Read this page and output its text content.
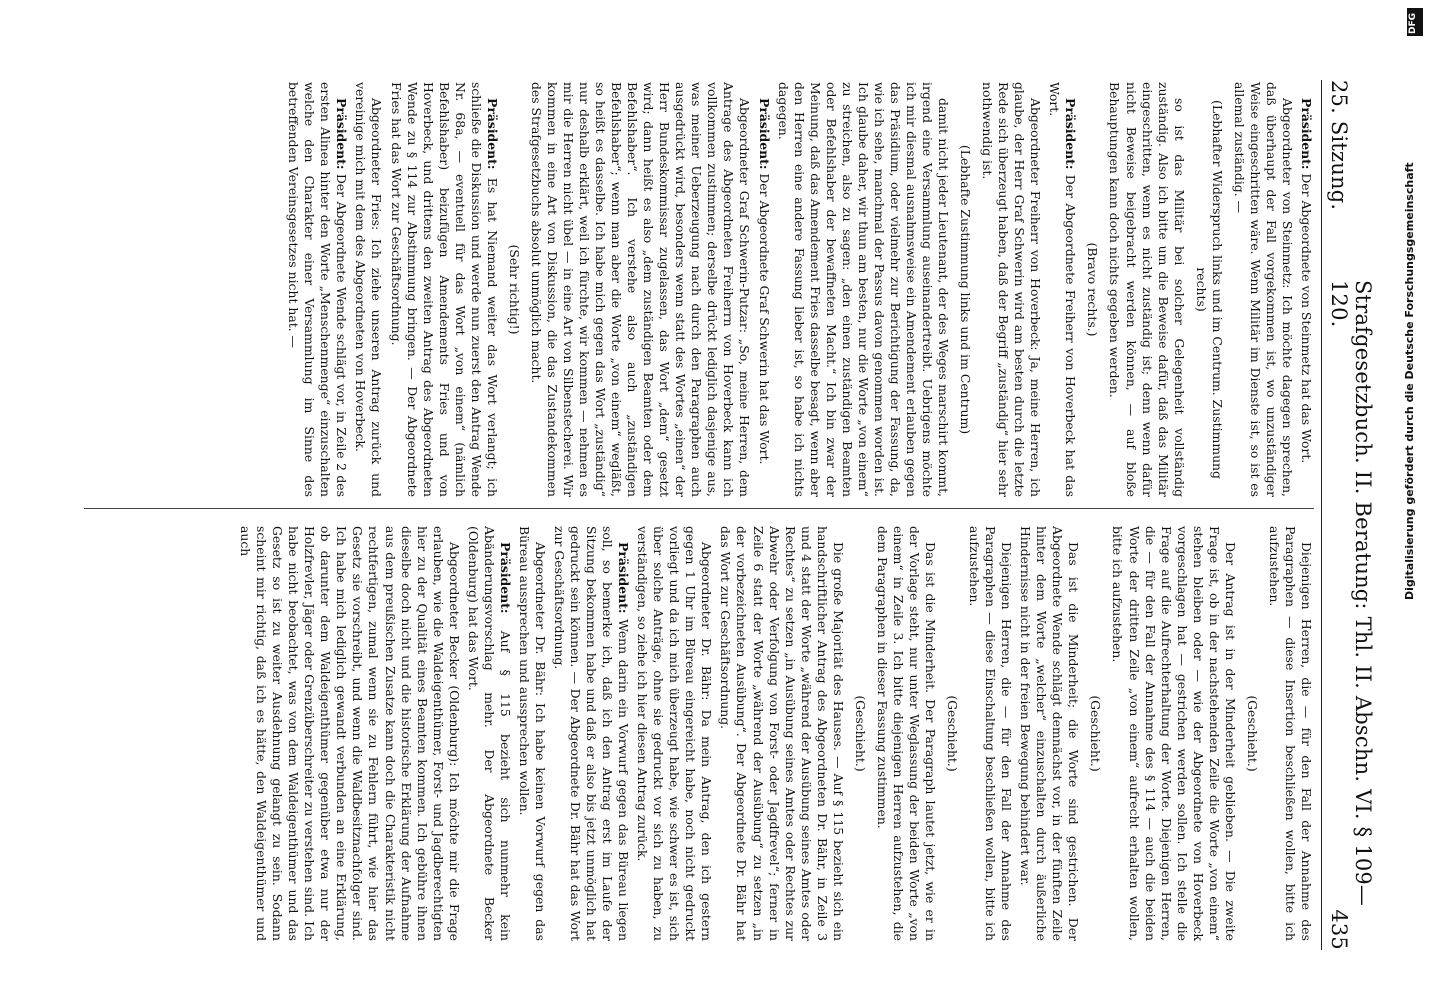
25. Sitzung.
Strafgesetzbuch. II. Beratung: Thl. II. Abschn. VI. § 109—120.
435

Präsident: Der Abgeordnete von Steinmetz hat das Wort.

Abgeordneter von Steinmetz: Ich möchte dagegen sprechen, daß überhaupt der Fall vorgekommen ist, wo unzuständiger Weise eingeschritten wäre. Wenn Militär im Dienste ist, so ist es allemal zuständig. —

(Lebhafter Widerspruch links und im Centrum. Zustimmung rechts)

so ist das Militär bei solcher Gelegenheit vollständig zuständig. Also ich bitte um die Beweise dafür, daß das Militär eingeschritten, wenn es nicht zuständig ist; denn wenn dafür nicht Beweise beigebracht werden können, — auf bloße Behauptungen kann doch nichts gegeben werden.

(Bravo rechts.)

Präsident: Der Abgeordnete Freiherr von Hoverbeck hat das Wort.

Abgeordneter Freiherr von Hoverbeck: Ja, meine Herren, ich glaube, der Herr Graf Schwerin wird am besten durch die letzte Rede sich überzeugt haben, daß der Begriff „zuständig“ hier sehr nothwendig ist.

(Lebhafte Zustimmung links und im Centrum)

damit nicht jeder Lieutenant, der des Weges marschirt kommt, irgend eine Versammlung auseinandertreibt. Uebrigens möchte ich mir diesmal ausnahmsweise ein Amendement erlauben gegen das Präsidium, oder vielmehr zur Berichtigung der Fassung, da, wie ich sehe, manchmal der Passus davon genommen worden ist. Ich glaube daher, wir thun am besten, nur die Worte „von einem“ zu streichen, also zu sagen: „den einen zuständigen Beamten oder Befehlshaber der bewaffneten Macht.“ Ich bin zwar der Meinung, daß das Amendement Fries dasselbe besagt, wenn aber den Herren eine andere Fassung lieber ist, so habe ich nichts dagegen.

Präsident: Der Abgeordnete Graf Schwerin hat das Wort.

Abgeordneter Graf Schwerin-Putzar: „So, meine Herren, dem Antrage des Abgeordneten Freiherrn von Hoverbeck kann ich vollkommen zustimmen; derselbe drückt lediglich dasjenige aus, was meiner Ueberzeugung nach durch den Paragraphen auch ausgedrückt wird, besonders wenn statt des Wortes „einen“ der Herr Bundeskommissar zugelassen, das Wort „dem“ gesetzt wird; dann heißt es also „dem zuständigen Beamten oder dem Befehlshaber“. Ich verstehe also auch „zuständigen Befehlshaber“; wenn man aber die Worte „von einem“ wegläßt, so heißt es dasselbe. Ich habe mich gegen das Wort „zuständig“ nur deshalb erklärt, weil ich fürchte, wir kommen — nehmen es mir die Herren nicht übel — in eine Art von Silbenstecherei. Wir kommen in eine Art von Diskussion, die das Zustandekommen des Strafgesetzbuchs absolut unmöglich macht.

(Sehr richtig!)

Präsident: Es hat Niemand weiter das Wort verlangt; ich schließe die Diskussion und werde nun zuerst den Antrag Wende Nr. 68a, — eventuell für das Wort „von einem“ (nämlich Befehlshaber) beizufügen Amendements Fries und von Hoverbeck, und drittens den zweiten Antrag des Abgeordneten Wende zu § 114 zur Abstimmung bringen. — Der Abgeordnete Fries hat das Wort zur Geschäftsordnung.

Abgeordneter Fries: Ich ziehe unseren Antrag zurück und vereinige mich mit dem des Abgeordneten von Hoverbeck.

Präsident: Der Abgeordnete Wende schlägt vor, in Zeile 2 des ersten Alinea hinter den Worte „Menschenmenge“ einzuschalten welche den Charakter einer Versammlung im Sinne des betreffenden Vereinsgesetzes nicht hat. —

Diejenigen Herren, die — für den Fall der Annahme des Paragraphen — diese Insertion beschließen wollen, bitte ich aufzustehen.

(Geschieht.)

Der Antrag ist in der Minderheit geblieben. — Die zweite Frage ist, ob in der nachstehenden Zeile die Worte „von einem“ stehen bleiben oder — wie der Abgeordnete von Hoverbeck vorgeschlagen hat — gestrichen werden sollen. Ich stelle die Frage auf die Aufrechterhaltung der Worte. Diejenigen Herren, die — für den Fall der Annahme des § 114 — auch die beiden Worte der dritten Zeile „von einem“ aufrecht erhalten wollen, bitte ich aufzustehen.

(Geschieht.)

Das ist die Minderheit; die Worte sind gestrichen. Der Abgeordnete Wende schlägt demnächst vor, in der fünften Zeile hinter dem Worte „welcher“ einzuschalten durch äußerliche Hindernisse nicht in der freien Bewegung behindert war.

Diejenigen Herren, die — für den Fall der Annahme des Paragraphen — diese Einschaltung beschließen wollen, bitte ich aufzustehen.

(Geschieht.)

Das ist die Minderheit. Der Paragraph lautet jetzt, wie er in der Vorlage steht, nur unter Weglassung der beiden Worte „von einem“ in Zeile 3. Ich bitte diejenigen Herren aufzustehen, die dem Paragraphen in dieser Fassung zustimmen.

(Geschieht.)

Die große Majorität des Hauses. — Auf § 115 bezieht sich ein handschriftlicher Antrag des Abgeordneten Dr. Bähr, in Zeile 3 und 4 statt der Worte „während der Ausübung seines Amtes oder Rechtes“ zu setzen „in Ausübung seines Amtes oder Rechtes zur Abwehr oder Verfolgung von Forst- oder Jagdfrevel“; ferner in Zeile 6 statt der Worte „während der Ausübung“ zu setzen „in der vorbezeichneten Ausübung“. Der Abgeordnete Dr. Bähr hat das Wort zur Geschäftsordnung.

Abgeordneter Dr. Bähr: Da mein Antrag, den ich gestern gegen 1 Uhr im Büreau eingereicht habe, noch nicht gedruckt vorliegt und da ich mich überzeugt habe, wie schwer es ist, sich über solche Anträge, ohne sie gedruckt vor sich zu haben, zu verständigen, so ziehe ich hier diesen Antrag zurück.

Präsident: Wenn darin ein Vorwurf gegen das Büreau liegen soll, so bemerke ich, daß ich den Antrag erst im Laufe der Sitzung bekommen habe und daß er also bis jetzt unmöglich hat gedruckt sein können. — Der Abgeordnete Dr. Bähr hat das Wort zur Geschäftsordnung.

Abgeordneter Dr. Bähr: Ich habe keinen Vorwurf gegen das Büreau aussprechen und aussprechen wollen.

Präsident: Auf § 115 bezieht sich nunmehr kein Abänderungsvorschlag mehr. Der Abgeordnete Becker (Oldenburg) hat das Wort.

Abgeordneter Becker (Oldenburg): Ich möchte mir die Frage erlauben, wie die Waldeigenthümer, Forst- und Jagdberechtigten hier zu der Qualität eines Beamten kommen. Ich gebühre ihnen dieselbe doch nicht und die historische Erklärung der Aufnahme aus dem preußischen Zusatze kann doch die Charakteristik nicht rechtfertigen, zumal wenn sie zu Fehlern führt, wie hier das Gesetz sie vorschreibt, und wenn die Waldbesitznachfolger sind. Ich habe mich lediglich gewandt verbunden an eine Erklärung, ob darunter dem Waldeigenthümer gegenüber etwa nur der Holzfrevler, Jäger oder Grenzüberschreiter zu verstehen sind. Ich habe nicht beobachtet, was von dem Waldeigenthümer und das Gesetz so ist zu weiter Ausdehnung gelangt zu sein. Sodann scheint mir richtig, daß ich es hätte, den Waldeigenthümer und auch	Digitalisierung gefördert durch die Deutsche Forschungsgemeinschaft
DFG
